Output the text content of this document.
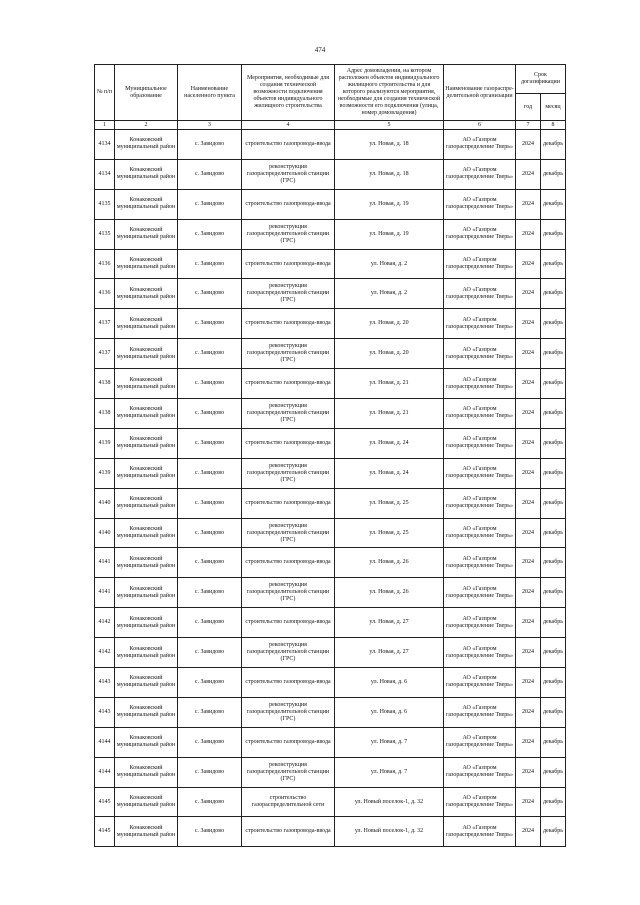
474
№ п/п	Муниципальное образование	Наименование населенного пункта	Мероприятия, необходимые для создания технической возможности подключения объектов индивидуального жилищного строительства	Адрес домовладения, на котором расположен объектов индивидуального жилищного строительства и для которого реализуются мероприятия, необходимые для создания технической возможности его подключения (улица, номер домовладения)	Наименование газораспре-делительной организации	Срок догазификации	
						год	месяц
1	2	3	4	5	6	7	8
4134	Конаковский муниципальный район	с. Завидово	строительство газопровода-ввода	ул. Новая, д. 18	АО «Газпром газораспределение Тверь»	2024	декабрь
4134	Конаковский муниципальный район	с. Завидово	реконструкция газораспределительной станции (ГРС)	ул. Новая, д. 18	АО «Газпром газораспределение Тверь»	2024	декабрь
4135	Конаковский муниципальный район	с. Завидово	строительство газопровода-ввода	ул. Новая, д. 19	АО «Газпром газораспределение Тверь»	2024	декабрь
4135	Конаковский муниципальный район	с. Завидово	реконструкция газораспределительной станции (ГРС)	ул. Новая, д. 19	АО «Газпром газораспределение Тверь»	2024	декабрь
4136	Конаковский муниципальный район	с. Завидово	строительство газопровода-ввода	ул. Новая, д. 2	АО «Газпром газораспределение Тверь»	2024	декабрь
4136	Конаковский муниципальный район	с. Завидово	реконструкция газораспределительной станции (ГРС)	ул. Новая, д. 2	АО «Газпром газораспределение Тверь»	2024	декабрь
4137	Конаковский муниципальный район	с. Завидово	строительство газопровода-ввода	ул. Новая, д. 20	АО «Газпром газораспределение Тверь»	2024	декабрь
4137	Конаковский муниципальный район	с. Завидово	реконструкция газораспределительной станции (ГРС)	ул. Новая, д. 20	АО «Газпром газораспределение Тверь»	2024	декабрь
4138	Конаковский муниципальный район	с. Завидово	строительство газопровода-ввода	ул. Новая, д. 21	АО «Газпром газораспределение Тверь»	2024	декабрь
4138	Конаковский муниципальный район	с. Завидово	реконструкция газораспределительной станции (ГРС)	ул. Новая, д. 21	АО «Газпром газораспределение Тверь»	2024	декабрь
4139	Конаковский муниципальный район	с. Завидово	строительство газопровода-ввода	ул. Новая, д. 24	АО «Газпром газораспределение Тверь»	2024	декабрь
4139	Конаковский муниципальный район	с. Завидово	реконструкция газораспределительной станции (ГРС)	ул. Новая, д. 24	АО «Газпром газораспределение Тверь»	2024	декабрь
4140	Конаковский муниципальный район	с. Завидово	строительство газопровода-ввода	ул. Новая, д. 25	АО «Газпром газораспределение Тверь»	2024	декабрь
4140	Конаковский муниципальный район	с. Завидово	реконструкция газораспределительной станции (ГРС)	ул. Новая, д. 25	АО «Газпром газораспределение Тверь»	2024	декабрь
4141	Конаковский муниципальный район	с. Завидово	строительство газопровода-ввода	ул. Новая, д. 26	АО «Газпром газораспределение Тверь»	2024	декабрь
4141	Конаковский муниципальный район	с. Завидово	реконструкция газораспределительной станции (ГРС)	ул. Новая, д. 26	АО «Газпром газораспределение Тверь»	2024	декабрь
4142	Конаковский муниципальный район	с. Завидово	строительство газопровода-ввода	ул. Новая, д. 27	АО «Газпром газораспределение Тверь»	2024	декабрь
4142	Конаковский муниципальный район	с. Завидово	реконструкция газораспределительной станции (ГРС)	ул. Новая, д. 27	АО «Газпром газораспределение Тверь»	2024	декабрь
4143	Конаковский муниципальный район	с. Завидово	строительство газопровода-ввода	ул. Новая, д. 6	АО «Газпром газораспределение Тверь»	2024	декабрь
4143	Конаковский муниципальный район	с. Завидово	реконструкция газораспределительной станции (ГРС)	ул. Новая, д. 6	АО «Газпром газораспределение Тверь»	2024	декабрь
4144	Конаковский муниципальный район	с. Завидово	строительство газопровода-ввода	ул. Новая, д. 7	АО «Газпром газораспределение Тверь»	2024	декабрь
4144	Конаковский муниципальный район	с. Завидово	реконструкция газораспределительной станции (ГРС)	ул. Новая, д. 7	АО «Газпром газораспределение Тверь»	2024	декабрь
4145	Конаковский муниципальный район	с. Завидово	строительство газораспределительной сети	ул. Новый поселок-1, д. 32	АО «Газпром газораспределение Тверь»	2024	декабрь
4145	Конаковский муниципальный район	с. Завидово	строительство газопровода-ввода	ул. Новый поселок-1, д. 32	АО «Газпром газораспределение Тверь»	2024	декабрь
